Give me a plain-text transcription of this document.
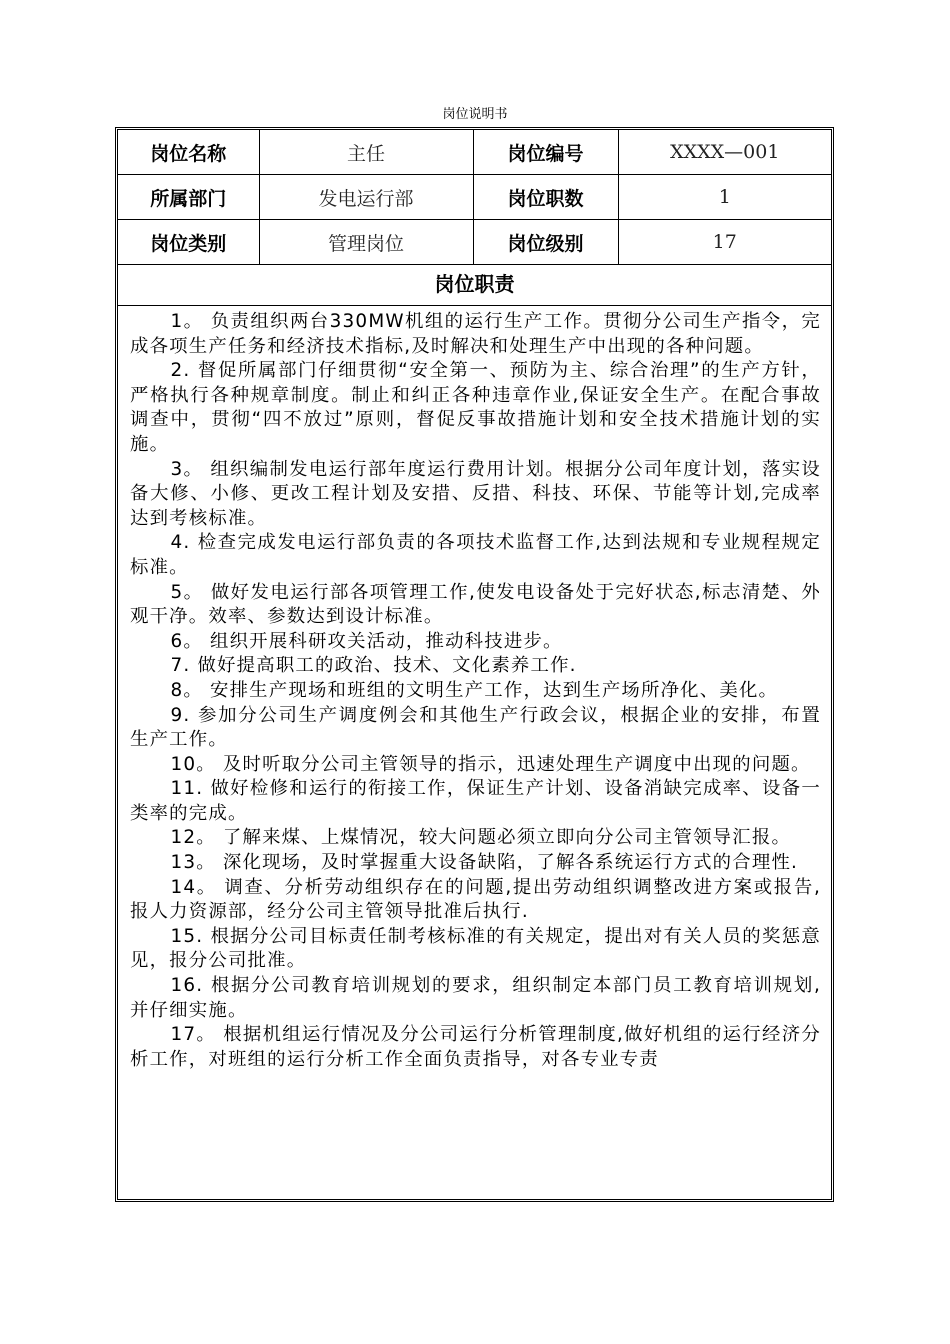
岗位说明书
岗位名称	主任	岗位编号	XXXX—001
所属部门	发电运行部	岗位职数	1
岗位类别	管理岗位	岗位级别	17
岗位职责

1。 负责组织两台330MW机组的运行生产工作。贯彻分公司生产指令，完成各项生产任务和经济技术指标,及时解决和处理生产中出现的各种问题。

2. 督促所属部门仔细贯彻“安全第一、预防为主、综合治理”的生产方针，严格执行各种规章制度。制止和纠正各种违章作业,保证安全生产。在配合事故调查中，贯彻“四不放过”原则，督促反事故措施计划和安全技术措施计划的实施。

3。 组织编制发电运行部年度运行费用计划。根据分公司年度计划，落实设备大修、小修、更改工程计划及安措、反措、科技、环保、节能等计划,完成率达到考核标准。

4. 检查完成发电运行部负责的各项技术监督工作,达到法规和专业规程规定标准。

5。 做好发电运行部各项管理工作,使发电设备处于完好状态,标志清楚、外观干净。效率、参数达到设计标准。

6。 组织开展科研攻关活动，推动科技进步。

7. 做好提高职工的政治、技术、文化素养工作.

8。 安排生产现场和班组的文明生产工作，达到生产场所净化、美化。

9. 参加分公司生产调度例会和其他生产行政会议，根据企业的安排，布置生产工作。

10。 及时听取分公司主管领导的指示，迅速处理生产调度中出现的问题。

11. 做好检修和运行的衔接工作，保证生产计划、设备消缺完成率、设备一类率的完成。

12。 了解来煤、上煤情况，较大问题必须立即向分公司主管领导汇报。

13。 深化现场，及时掌握重大设备缺陷，了解各系统运行方式的合理性.

14。 调查、分析劳动组织存在的问题,提出劳动组织调整改进方案或报告,报人力资源部，经分公司主管领导批准后执行.

15. 根据分公司目标责任制考核标准的有关规定，提出对有关人员的奖惩意见，报分公司批准。

16. 根据分公司教育培训规划的要求，组织制定本部门员工教育培训规划,并仔细实施。

17。 根据机组运行情况及分公司运行分析管理制度,做好机组的运行经济分析工作，对班组的运行分析工作全面负责指导，对各专业专责
